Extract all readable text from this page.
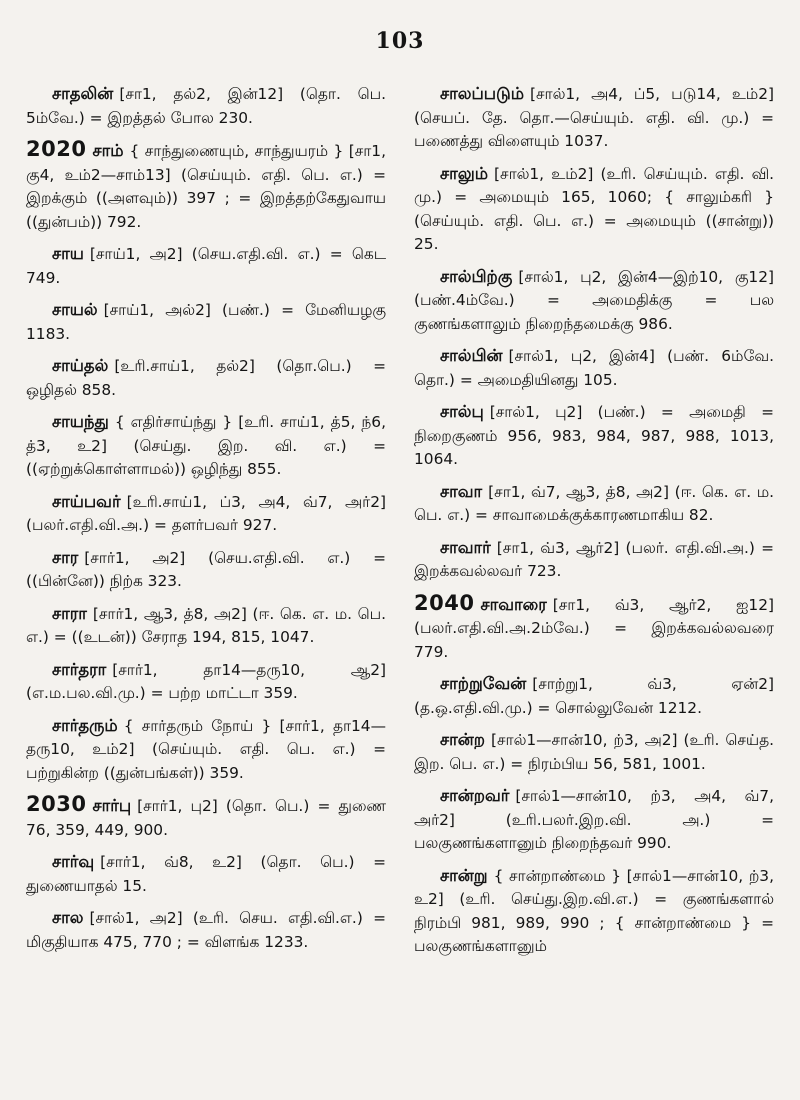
103

சாதலின் [சா1, தல்2, இன்12] (தொ. பெ. 5ம்வே.) = இறத்தல் போல 230.

2020 சாம் { சாந்துணையும், சாந்துயரம் } [சா1, கு4, உம்2—சாம்13] (செய்யும். எதி. பெ. எ.) = இறக்கும் ((அளவும்)) 397 ; = இறத்தற்கேதுவாய ((துன்பம்)) 792.

சாய [சாய்1, அ2] (செய.எதி.வி. எ.) = கெட 749.

சாயல் [சாய்1, அல்2] (பண்.) = மேனியழகு 1183.

சாய்தல் [உரி.சாய்1, தல்2] (தொ.பெ.) = ஒழிதல் 858.

சாயந்து { எதிர்சாய்ந்து } [உரி. சாய்1, த்5, ந்6, த்3, உ2] (செய்து. இற. வி. எ.) = ((ஏற்றுக்கொள்ளாமல்)) ஒழிந்து 855.

சாய்பவர் [உரி.சாய்1, ப்3, அ4, வ்7, அர்2] (பலர்.எதி.வி.அ.) = தளர்பவர் 927.

சார [சார்1, அ2] (செய.எதி.வி. எ.) = ((பின்னே)) நிற்க 323.

சாரா [சார்1, ஆ3, த்8, அ2] (ஈ. கெ. எ. ம. பெ. எ.) = ((உடன்)) சேராத 194, 815, 1047.

சார்தரா [சார்1, தா14—தரு10, ஆ2] (எ.ம.பல.வி.மு.) = பற்ற மாட்டா 359.

சார்தரும் { சார்தரும் நோய் } [சார்1, தா14—தரு10, உம்2] (செய்யும். எதி. பெ. எ.) = பற்றுகின்ற ((துன்பங்கள்)) 359.

2030 சார்பு [சார்1, பு2] (தொ. பெ.) = துணை 76, 359, 449, 900.

சார்வு [சார்1, வ்8, உ2] (தொ. பெ.) = துணையாதல் 15.

சால [சால்1, அ2] (உரி. செய. எதி.வி.எ.) = மிகுதியாக 475, 770 ; = விளங்க 1233.

சாலப்படும் [சால்1, அ4, ப்5, படு14, உம்2] (செயப். தே. தொ.—செய்யும். எதி. வி. மு.) = பணைத்து விளையும் 1037.

சாலும் [சால்1, உம்2] (உரி. செய்யும். எதி. வி. மு.) = அமையும் 165, 1060; { சாலும்கரி } (செய்யும். எதி. பெ. எ.) = அமையும் ((சான்று)) 25.

சால்பிற்கு [சால்1, பு2, இன்4—இற்10, கு12] (பண்.4ம்வே.) = அமைதிக்கு = பல குணங்களாலும் நிறைந்தமைக்கு 986.

சால்பின் [சால்1, பு2, இன்4] (பண். 6ம்வே. தொ.) = அமைதியினது 105.

சால்பு [சால்1, பு2] (பண்.) = அமைதி = நிறைகுணம் 956, 983, 984, 987, 988, 1013, 1064.

சாவா [சா1, வ்7, ஆ3, த்8, அ2] (ஈ. கெ. எ. ம. பெ. எ.) = சாவாமைக்குக்காரணமாகிய 82.

சாவார் [சா1, வ்3, ஆர்2] (பலர். எதி.வி.அ.) = இறக்கவல்லவர் 723.

2040 சாவாரை [சா1, வ்3, ஆர்2, ஐ12] (பலர்.எதி.வி.அ.2ம்வே.) = இறக்கவல்லவரை 779.

சாற்றுவேன் [சாற்று1, வ்3, ஏன்2] (த.ஒ.எதி.வி.மு.) = சொல்லுவேன் 1212.

சான்ற [சால்1—சான்10, ற்3, அ2] (உரி. செய்த. இற. பெ. எ.) = நிரம்பிய 56, 581, 1001.

சான்றவர் [சால்1—சான்10, ற்3, அ4, வ்7, அர்2] (உரி.பலர்.இற.வி. அ.) = பலகுணங்களானும் நிறைந்தவர் 990.

சான்று { சான்றாண்மை } [சால்1—சான்10, ற்3, உ2] (உரி. செய்து.இற.வி.எ.) = குணங்களால் நிரம்பி 981, 989, 990 ; { சான்றாண்மை } = பலகுணங்களானும்
